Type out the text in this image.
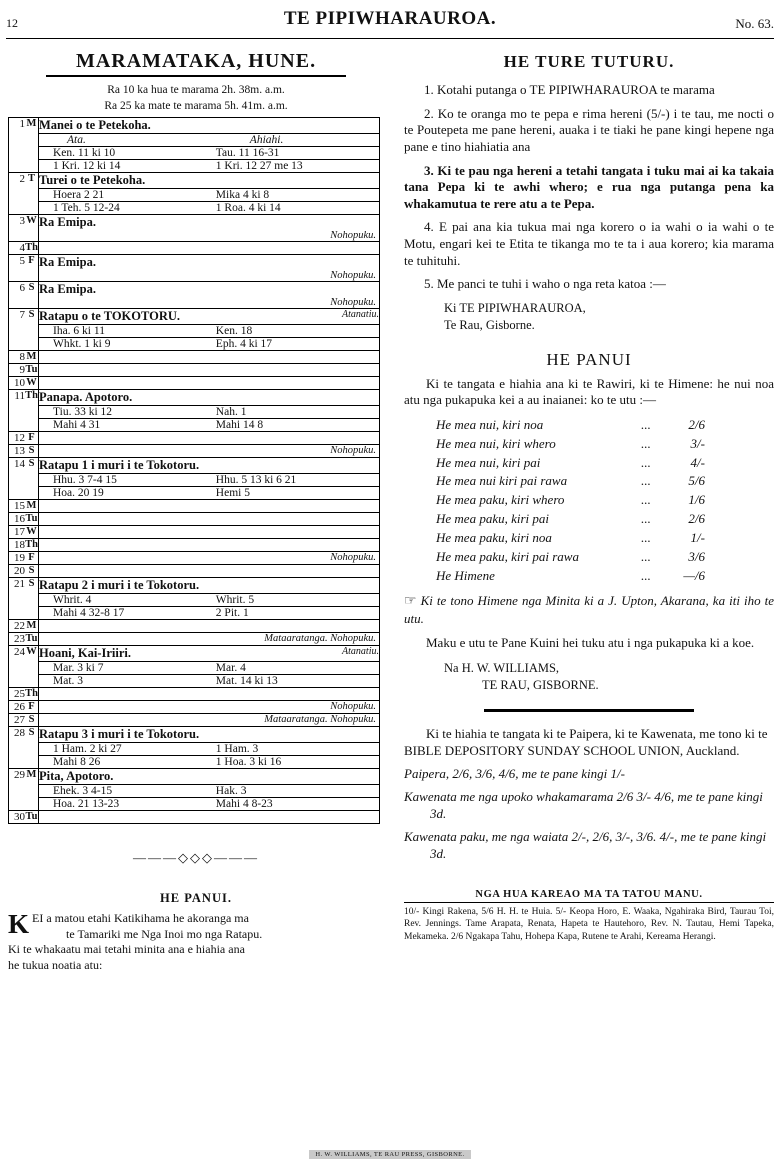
12	TE PIPIWHARAUROA.	No. 63.
MARAMATAKA, HUNE.
Ra 10 ka hua te marama 2h. 38m. a.m.
Ra 25 ka mate te marama 5h. 41m. a.m.
1	M	Manei o te Petekoha.
Ata.	Ahiahi.
Ken. 11 ki 10	Tau. 11 16-31
1 Kri. 12 ki 14	1 Kri. 12 27 me 13

2	T	Turei o te Petekoha.
Hoera 2 21	Mika 4 ki 8
1 Teh. 5 12-24	1 Roa. 4 ki 14

3	W	Ra Emipa.
Nohopuku.

4	Th	

5	F	Ra Emipa.
Nohopuku.

6	S	Ra Emipa.
Nohopuku.

7	S	Ratapu o te TOKOTORU.	Atanatiu.
Iha. 6 ki 11	Ken. 18
Whkt. 1 ki 9	Eph. 4 ki 17

8	M	

9	Tu	

10	W	

11	Th	Panapa. Apotoro.
Tiu. 33 ki 12	Nah. 1
Mahi 4 31	Mahi 14 8

12	F	

13	S	Nohopuku.

14	S	Ratapu 1 i muri i te Tokotoru.
Hhu. 3 7-4 15	Hhu. 5 13 ki 6 21
Hoa. 20 19	Hemi 5

15	M	

16	Tu	

17	W	

18	Th	

19	F	Nohopuku.

20	S	

21	S	Ratapu 2 i muri i te Tokotoru.
Whrit. 4	Whrit. 5
Mahi 4 32-8 17	2 Pit. 1

22	M	

23	Tu	Mataaratanga. Nohopuku.

24	W	Hoani, Kai-Iriiri.	Atanatiu.
Mar. 3 ki 7	Mar. 4
Mat. 3	Mat. 14 ki 13

25	Th	

26	F	Nohopuku.

27	S	Mataaratanga. Nohopuku.

28	S	Ratapu 3 i muri i te Tokotoru.
1 Ham. 2 ki 27	1 Ham. 3
Mahi 8 26	1 Hoa. 3 ki 16

29	M	Pita, Apotoro.
Ehek. 3 4-15	Hak. 3
Hoa. 21 13-23	Mahi 4 8-23

30	Tu	

———◇◇◇———
HE PANUI.
K EI a matou etahi Katikihama he akoranga ma
te Tamariki me Nga Inoi mo nga Ratapu.
Ki te whakaatu mai tetahi minita ana e hiahia ana
he tukua noatia atu:
HE TURE TUTURU.
1. Kotahi putanga o TE PIPIWHARAUROA te marama
2. Ko te oranga mo te pepa e rima hereni (5/-) i te tau, me nocti o te Poutepeta me pane hereni, auaka i te tiaki he pane kingi hepene nga pane e tino hiahiatia ana
3. Ki te pau nga hereni a tetahi tangata i tuku mai ai ka takaia tana Pepa ki te awhi whero; e rua nga putanga pena ka whakamutua te rere atu a te Pepa.
4. E pai ana kia tukua mai nga korero o ia wahi o ia wahi o te Motu, engari kei te Etita te tikanga mo te ta i aua korero; kia marama te tuhituhi.
5. Me panci te tuhi i waho o nga reta katoa :—
Ki TE PIPIWHARAUROA,
Te Rau, Gisborne.
HE PANUI
Ki te tangata e hiahia ana ki te Rawiri, ki te Himene: he nui noa atu nga pukapuka kei a au inaianei: ko te utu :—
He mea nui, kiri noa	...	2/6
He mea nui, kiri whero	...	3/-
He mea nui, kiri pai	...	4/-
He mea nui kiri pai rawa	...	5/6
He mea paku, kiri whero	...	1/6
He mea paku, kiri pai	...	2/6
He mea paku, kiri noa	...	1/-
He mea paku, kiri pai rawa	...	3/6
He Himene	...	—/6
☞ Ki te tono Himene nga Minita ki a J. Upton, Akarana, ka iti iho te utu.
Maku e utu te Pane Kuini hei tuku atu i nga pukapuka ki a koe.
Na H. W. WILLIAMS,
TE RAU, GISBORNE.
Ki te hiahia te tangata ki te Paipera, ki te Kawenata, me tono ki te BIBLE DEPOSITORY SUNDAY SCHOOL UNION, Auckland.
Paipera, 2/6, 3/6, 4/6, me te pane kingi 1/-
Kawenata me nga upoko whakamarama 2/6 3/- 4/6, me te pane kingi 3d.
Kawenata paku, me nga waiata 2/-, 2/6, 3/-, 3/6. 4/-, me te pane kingi 3d.
NGA HUA KAREAO MA TA TATOU MANU.
10/- Kingi Rakena, 5/6 H. H. te Huia. 5/- Keopa Horo, E. Waaka, Ngahiraka Bird, Taurau Toi, Rev. Jennings. Tame Arapata, Renata, Hapeta te Hautehoro, Rev. N. Tautau, Hemi Tapeka, Mekameka. 2/6 Ngakapa Tahu, Hohepa Kapa, Rutene te Arahi, Kereama Herangi.
H. W. WILLIAMS, TE RAU PRESS, GISBORNE.
